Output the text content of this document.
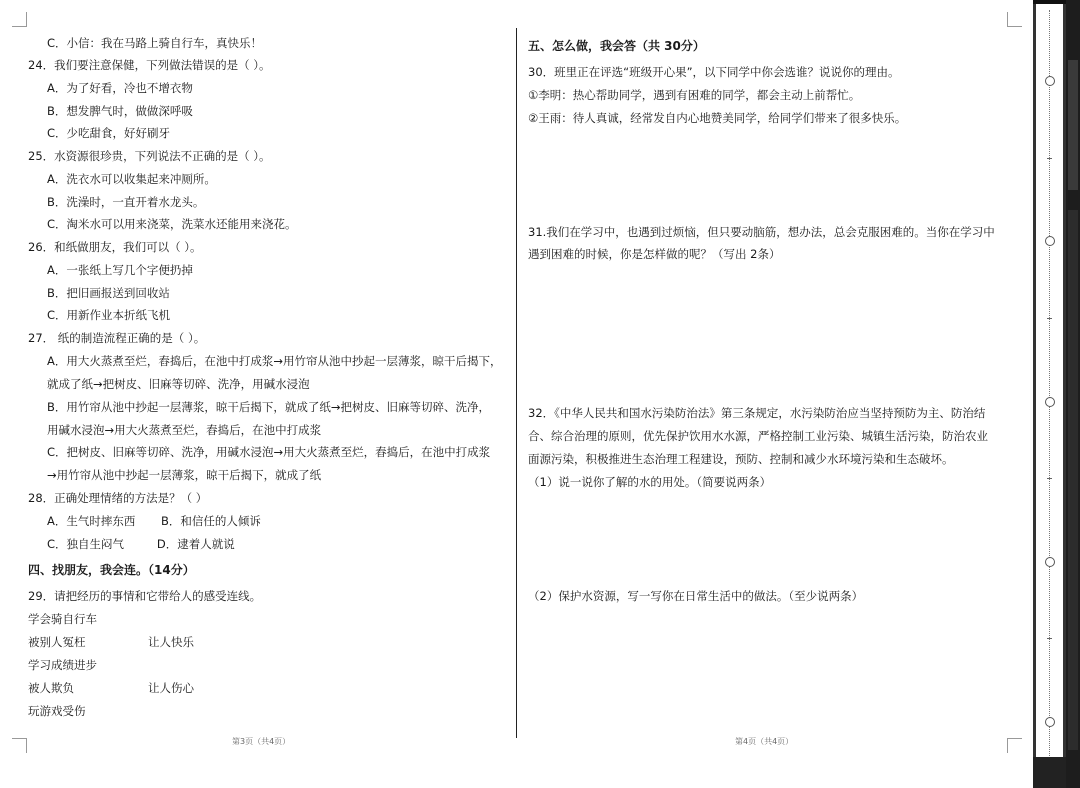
C．小信：我在马路上骑自行车，真快乐！
24．我们要注意保健，下列做法错误的是（ ）。
A．为了好看，冷也不增衣物
B．想发脾气时，做做深呼吸
C．少吃甜食，好好刷牙
25．水资源很珍贵，下列说法不正确的是（ ）。
A．洗衣水可以收集起来冲厕所。
B．洗澡时，一直开着水龙头。
C．淘米水可以用来浇菜，洗菜水还能用来浇花。
26．和纸做朋友，我们可以（ ）。
A．一张纸上写几个字便扔掉
B．把旧画报送到回收站
C．用新作业本折纸飞机
27． 纸的制造流程正确的是（ ）。
A．用大火蒸煮至烂，舂捣后，在池中打成浆→用竹帘从池中抄起一层薄浆，晾干后揭下，
就成了纸→把树皮、旧麻等切碎、洗净，用碱水浸泡
B．用竹帘从池中抄起一层薄浆，晾干后揭下，就成了纸→把树皮、旧麻等切碎、洗净，
用碱水浸泡→用大火蒸煮至烂，舂捣后，在池中打成浆
C．把树皮、旧麻等切碎、洗净，用碱水浸泡→用大火蒸煮至烂，舂捣后，在池中打成浆
→用竹帘从池中抄起一层薄浆，晾干后揭下，就成了纸
28．正确处理情绪的方法是？（ ）
A．生气时摔东西       B．和信任的人倾诉
C．独自生闷气         D．逮着人就说
四、找朋友，我会连。（14分）
29．请把经历的事情和它带给人的感受连线。
学会骑自行车
被别人冤枉	让人快乐
学习成绩进步
被人欺负	让人伤心
玩游戏受伤
第3页（共4页）
五、怎么做，我会答（共 30分）
30．班里正在评选“班级开心果”，以下同学中你会选谁？说说你的理由。
①李明：热心帮助同学，遇到有困难的同学，都会主动上前帮忙。
②王雨：待人真诚，经常发自内心地赞美同学，给同学们带来了很多快乐。
31.我们在学习中，也遇到过烦恼，但只要动脑筋，想办法，总会克服困难的。当你在学习中
遇到困难的时候，你是怎样做的呢？（写出 2条）
32．《中华人民共和国水污染防治法》第三条规定，水污染防治应当坚持预防为主、防治结
合、综合治理的原则，优先保护饮用水水源，严格控制工业污染、城镇生活污染，防治农业
面源污染，积极推进生态治理工程建设，预防、控制和减少水环境污染和生态破坏。
（1）说一说你了解的水的用处。（简要说两条）
（2）保护水资源，写一写你在日常生活中的做法。（至少说两条）
第4页（共4页）
